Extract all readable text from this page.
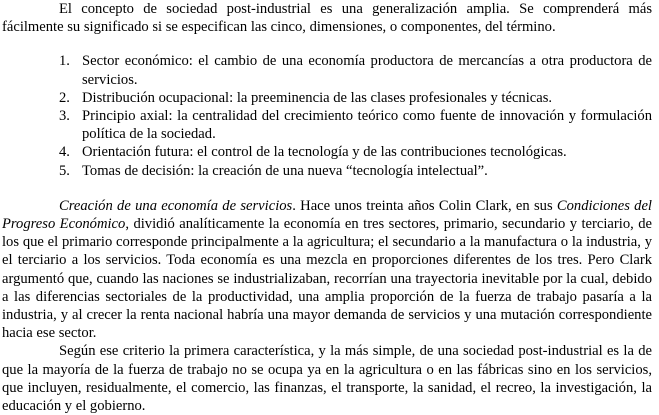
El concepto de sociedad post-industrial es una generalización amplia. Se comprenderá más fácilmente su significado si se especifican las cinco, dimensiones, o componentes, del término.

1. Sector económico: el cambio de una economía productora de mercancías a otra productora de servicios.
2. Distribución ocupacional: la preeminencia de las clases profesionales y técnicas.
3. Principio axial: la centralidad del crecimiento teórico como fuente de innovación y formulación política de la sociedad.
4. Orientación futura: el control de la tecnología y de las contribuciones tecnológicas.
5. Tomas de decisión: la creación de una nueva “tecnología intelectual”.

Creación de una economía de servicios. Hace unos treinta años Colin Clark, en sus Condiciones del Progreso Económico, dividió analíticamente la economía en tres sectores, primario, secundario y terciario, de los que el primario corresponde principalmente a la agricultura; el secundario a la manufactura o la industria, y el terciario a los servicios. Toda economía es una mezcla en proporciones diferentes de los tres. Pero Clark argumentó que, cuando las naciones se industrializaban, recorrían una trayectoria inevitable por la cual, debido a las diferencias sectoriales de la productividad, una amplia proporción de la fuerza de trabajo pasaría a la industria, y al crecer la renta nacional habría una mayor demanda de servicios y una mutación correspondiente hacia ese sector.

Según ese criterio la primera característica, y la más simple, de una sociedad post-industrial es la de que la mayoría de la fuerza de trabajo no se ocupa ya en la agricultura o en las fábricas sino en los servicios, que incluyen, residualmente, el comercio, las finanzas, el transporte, la sanidad, el recreo, la investigación, la educación y el gobierno.
